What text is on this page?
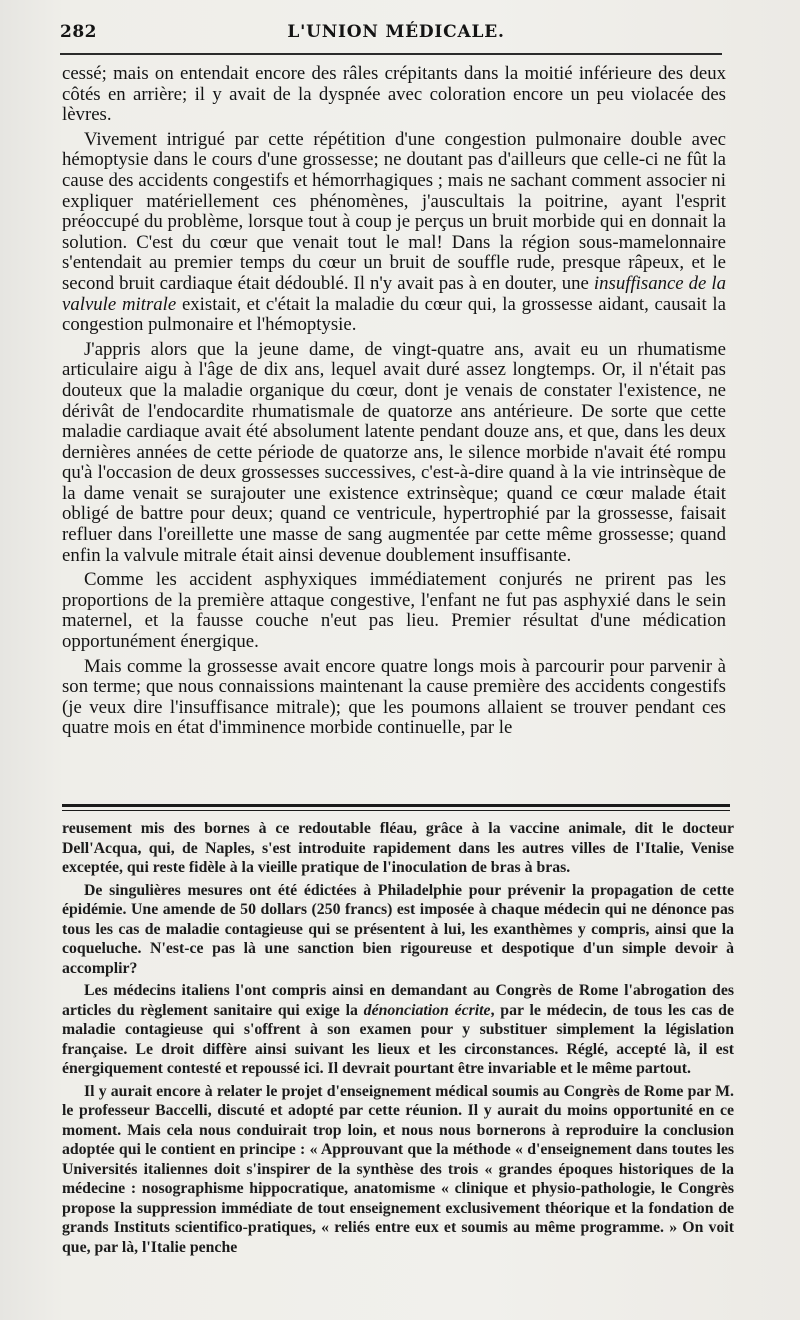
282	L'UNION MÉDICALE.

cessé; mais on entendait encore des râles crépitants dans la moitié inférieure des deux côtés en arrière; il y avait de la dyspnée avec coloration encore un peu violacée des lèvres.

Vivement intrigué par cette répétition d'une congestion pulmonaire double avec hémoptysie dans le cours d'une grossesse; ne doutant pas d'ailleurs que celle-ci ne fût la cause des accidents congestifs et hémorrhagiques ; mais ne sachant comment associer ni expliquer matériellement ces phénomènes, j'auscultais la poitrine, ayant l'esprit préoccupé du problème, lorsque tout à coup je perçus un bruit morbide qui en donnait la solution. C'est du cœur que venait tout le mal! Dans la région sous-mamelonnaire s'entendait au premier temps du cœur un bruit de souffle rude, presque râpeux, et le second bruit cardiaque était dédoublé. Il n'y avait pas à en douter, une insuffisance de la valvule mitrale existait, et c'était la maladie du cœur qui, la grossesse aidant, causait la congestion pulmonaire et l'hémoptysie.

J'appris alors que la jeune dame, de vingt-quatre ans, avait eu un rhumatisme articulaire aigu à l'âge de dix ans, lequel avait duré assez longtemps. Or, il n'était pas douteux que la maladie organique du cœur, dont je venais de constater l'existence, ne dérivât de l'endocardite rhumatismale de quatorze ans antérieure. De sorte que cette maladie cardiaque avait été absolument latente pendant douze ans, et que, dans les deux dernières années de cette période de quatorze ans, le silence morbide n'avait été rompu qu'à l'occasion de deux grossesses successives, c'est-à-dire quand à la vie intrinsèque de la dame venait se surajouter une existence extrinsèque; quand ce cœur malade était obligé de battre pour deux; quand ce ventricule, hypertrophié par la grossesse, faisait refluer dans l'oreillette une masse de sang augmentée par cette même grossesse; quand enfin la valvule mitrale était ainsi devenue doublement insuffisante.

Comme les accident asphyxiques immédiatement conjurés ne prirent pas les proportions de la première attaque congestive, l'enfant ne fut pas asphyxié dans le sein maternel, et la fausse couche n'eut pas lieu. Premier résultat d'une médication opportunément énergique.

Mais comme la grossesse avait encore quatre longs mois à parcourir pour parvenir à son terme; que nous connaissions maintenant la cause première des accidents congestifs (je veux dire l'insuffisance mitrale); que les poumons allaient se trouver pendant ces quatre mois en état d'imminence morbide continuelle, par le

reusement mis des bornes à ce redoutable fléau, grâce à la vaccine animale, dit le docteur Dell'Acqua, qui, de Naples, s'est introduite rapidement dans les autres villes de l'Italie, Venise exceptée, qui reste fidèle à la vieille pratique de l'inoculation de bras à bras.

De singulières mesures ont été édictées à Philadelphie pour prévenir la propagation de cette épidémie. Une amende de 50 dollars (250 francs) est imposée à chaque médecin qui ne dénonce pas tous les cas de maladie contagieuse qui se présentent à lui, les exanthèmes y compris, ainsi que la coqueluche. N'est-ce pas là une sanction bien rigoureuse et despotique d'un simple devoir à accomplir?

Les médecins italiens l'ont compris ainsi en demandant au Congrès de Rome l'abrogation des articles du règlement sanitaire qui exige la dénonciation écrite, par le médecin, de tous les cas de maladie contagieuse qui s'offrent à son examen pour y substituer simplement la législation française. Le droit diffère ainsi suivant les lieux et les circonstances. Réglé, accepté là, il est énergiquement contesté et repoussé ici. Il devrait pourtant être invariable et le même partout.

Il y aurait encore à relater le projet d'enseignement médical soumis au Congrès de Rome par M. le professeur Baccelli, discuté et adopté par cette réunion. Il y aurait du moins opportunité en ce moment. Mais cela nous conduirait trop loin, et nous nous bornerons à reproduire la conclusion adoptée qui le contient en principe : « Approuvant que la méthode « d'enseignement dans toutes les Universités italiennes doit s'inspirer de la synthèse des trois « grandes époques historiques de la médecine : nosographisme hippocratique, anatomisme « clinique et physio-pathologie, le Congrès propose la suppression immédiate de tout enseignement exclusivement théorique et la fondation de grands Instituts scientifico-pratiques, « reliés entre eux et soumis au même programme. » On voit que, par là, l'Italie penche
